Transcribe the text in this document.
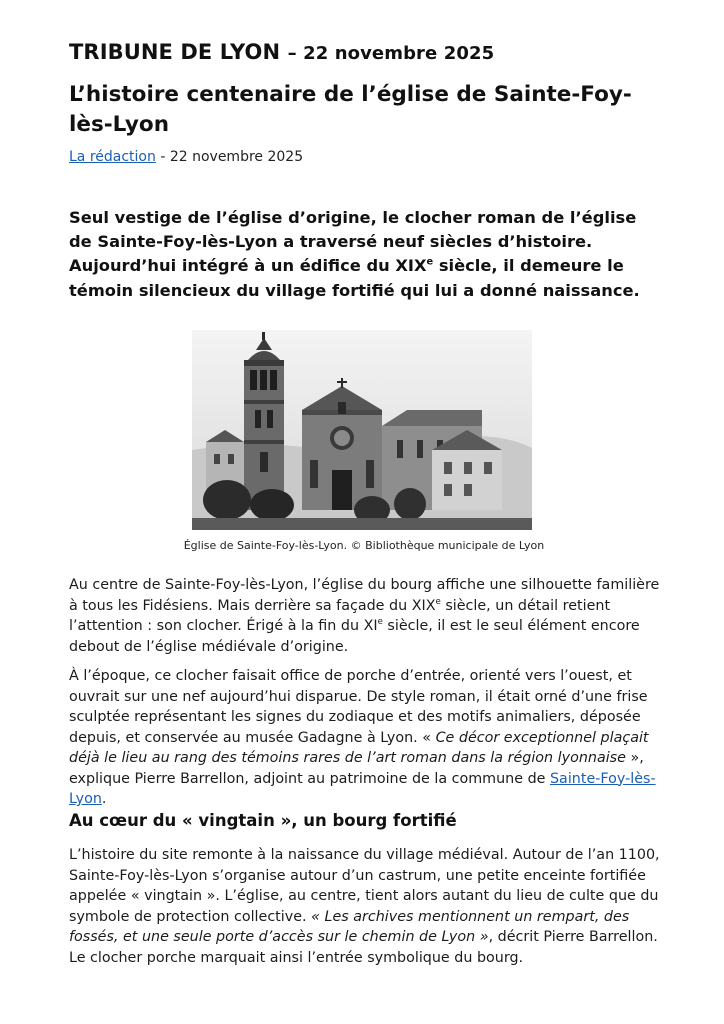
TRIBUNE DE LYON – 22 novembre 2025
L’histoire centenaire de l’église de Sainte-Foy-lès-Lyon
La rédaction - 22 novembre 2025

Seul vestige de l’église d’origine, le clocher roman de l’église de Sainte-Foy-lès-Lyon a traversé neuf siècles d’histoire. Aujourd’hui intégré à un édifice du XIXe siècle, il demeure le témoin silencieux du village fortifié qui lui a donné naissance.

Église de Sainte-Foy-lès-Lyon. © Bibliothèque municipale de Lyon

Au centre de Sainte-Foy-lès-Lyon, l’église du bourg affiche une silhouette familière à tous les Fidésiens. Mais derrière sa façade du XIXe siècle, un détail retient l’attention : son clocher. Érigé à la fin du XIe siècle, il est le seul élément encore debout de l’église médiévale d’origine.

À l’époque, ce clocher faisait office de porche d’entrée, orienté vers l’ouest, et ouvrait sur une nef aujourd’hui disparue. De style roman, il était orné d’une frise sculptée représentant les signes du zodiaque et des motifs animaliers, déposée depuis, et conservée au musée Gadagne à Lyon. « Ce décor exceptionnel plaçait déjà le lieu au rang des témoins rares de l’art roman dans la région lyonnaise », explique Pierre Barrellon, adjoint au patrimoine de la commune de Sainte-Foy-lès-Lyon.

Au cœur du « vingtain », un bourg fortifié

L’histoire du site remonte à la naissance du village médiéval. Autour de l’an 1100, Sainte-Foy-lès-Lyon s’organise autour d’un castrum, une petite enceinte fortifiée appelée « vingtain ». L’église, au centre, tient alors autant du lieu de culte que du symbole de protection collective. « Les archives mentionnent un rempart, des fossés, et une seule porte d’accès sur le chemin de Lyon », décrit Pierre Barrellon. Le clocher porche marquait ainsi l’entrée symbolique du bourg.
